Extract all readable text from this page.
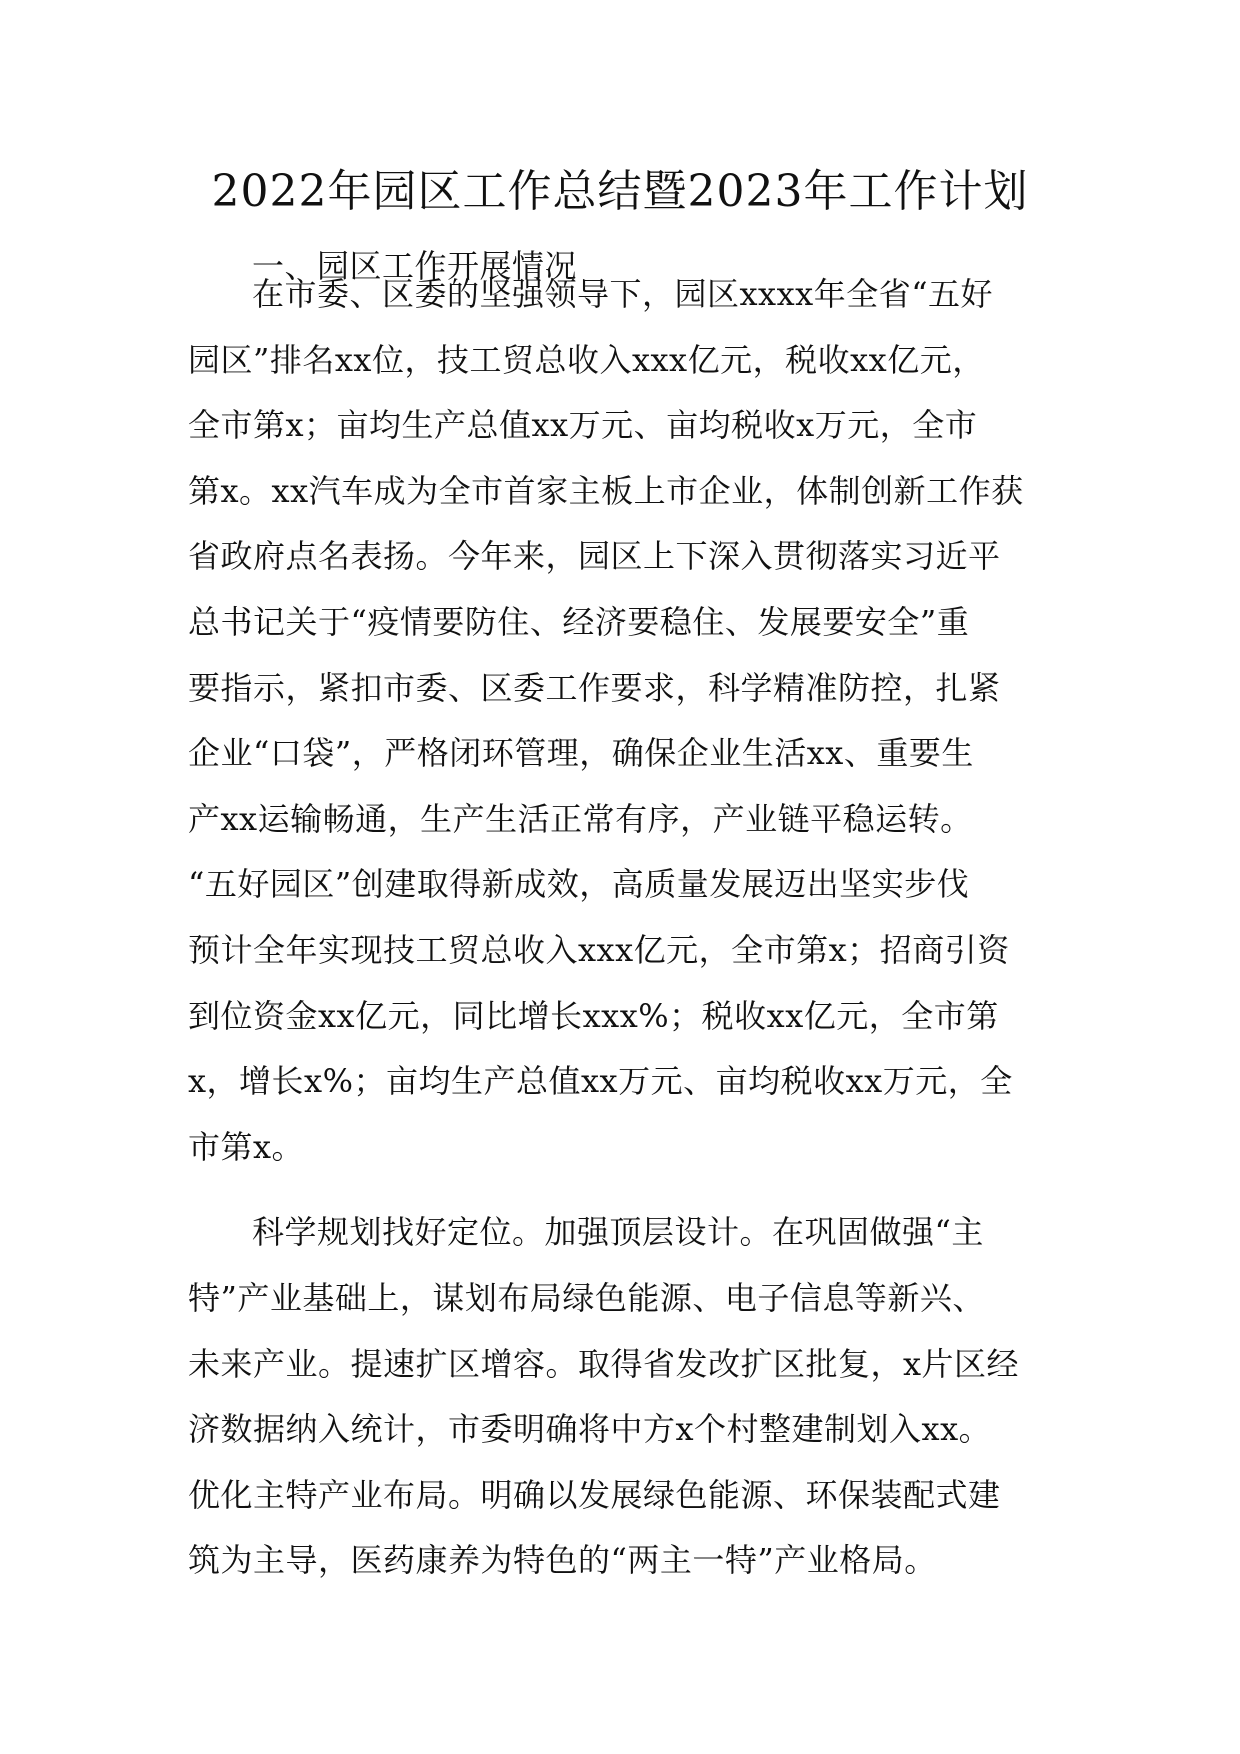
2022年园区工作总结暨2023年工作计划
一、园区工作开展情况

在市委、区委的坚强领导下，园区xxxx年全省“五好
园区”排名xx位，技工贸总收入xxx亿元，税收xx亿元，
全市第x；亩均生产总值xx万元、亩均税收x万元，全市
第x。xx汽车成为全市首家主板上市企业，体制创新工作获
省政府点名表扬。今年来，园区上下深入贯彻落实习近平
总书记关于“疫情要防住、经济要稳住、发展要安全”重
要指示，紧扣市委、区委工作要求，科学精准防控，扎紧
企业“口袋”，严格闭环管理，确保企业生活xx、重要生
产xx运输畅通，生产生活正常有序，产业链平稳运转。
“五好园区”创建取得新成效，高质量发展迈出坚实步伐
预计全年实现技工贸总收入xxx亿元，全市第x；招商引资
到位资金xx亿元，同比增长xxx%；税收xx亿元，全市第
x，增长x%；亩均生产总值xx万元、亩均税收xx万元，全
市第x。

科学规划找好定位。加强顶层设计。在巩固做强“主
特”产业基础上，谋划布局绿色能源、电子信息等新兴、
未来产业。提速扩区增容。取得省发改扩区批复，x片区经
济数据纳入统计，市委明确将中方x个村整建制划入xx。
优化主特产业布局。明确以发展绿色能源、环保装配式建
筑为主导，医药康养为特色的“两主一特”产业格局。
